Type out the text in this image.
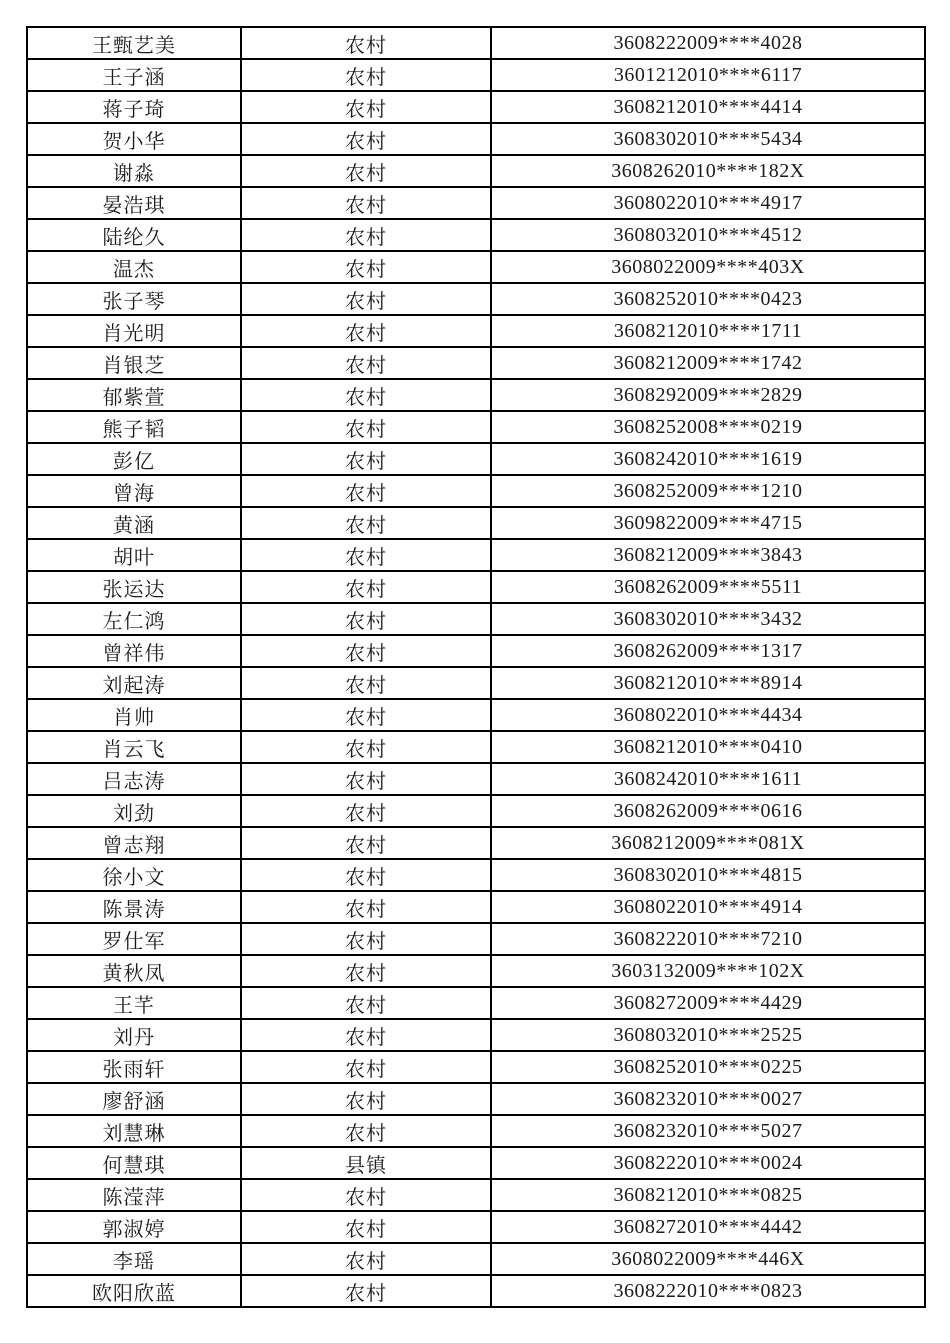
王甄艺美	农村	3608222009****4028
王子涵	农村	3601212010****6117
蒋子琦	农村	3608212010****4414
贺小华	农村	3608302010****5434
谢淼	农村	3608262010****182X
晏浩琪	农村	3608022010****4917
陆纶久	农村	3608032010****4512
温杰	农村	3608022009****403X
张子琴	农村	3608252010****0423
肖光明	农村	3608212010****1711
肖银芝	农村	3608212009****1742
郁紫萱	农村	3608292009****2829
熊子韬	农村	3608252008****0219
彭亿	农村	3608242010****1619
曾海	农村	3608252009****1210
黄涵	农村	3609822009****4715
胡叶	农村	3608212009****3843
张运达	农村	3608262009****5511
左仁鸿	农村	3608302010****3432
曾祥伟	农村	3608262009****1317
刘起涛	农村	3608212010****8914
肖帅	农村	3608022010****4434
肖云飞	农村	3608212010****0410
吕志涛	农村	3608242010****1611
刘劲	农村	3608262009****0616
曾志翔	农村	3608212009****081X
徐小文	农村	3608302010****4815
陈景涛	农村	3608022010****4914
罗仕军	农村	3608222010****7210
黄秋凤	农村	3603132009****102X
王芊	农村	3608272009****4429
刘丹	农村	3608032010****2525
张雨轩	农村	3608252010****0225
廖舒涵	农村	3608232010****0027
刘慧琳	农村	3608232010****5027
何慧琪	县镇	3608222010****0024
陈滢萍	农村	3608212010****0825
郭淑婷	农村	3608272010****4442
李瑶	农村	3608022009****446X
欧阳欣蓝	农村	3608222010****0823
